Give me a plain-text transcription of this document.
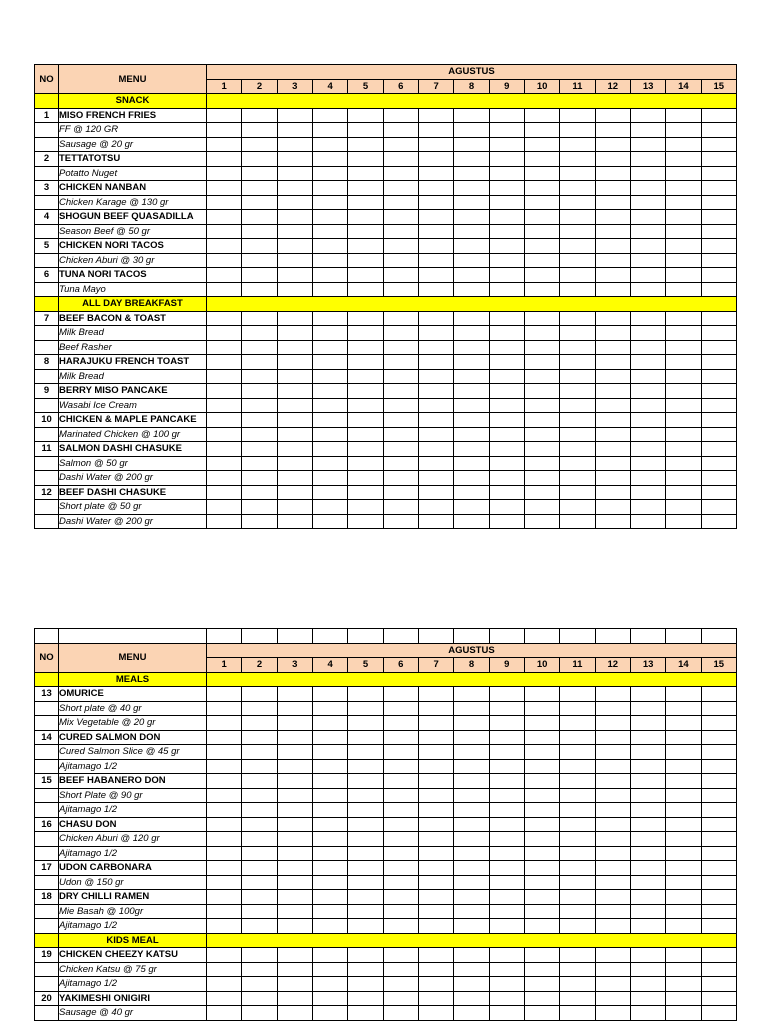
NO	MENU	AGUSTUS														
		1	2	3	4	5	6	7	8	9	10	11	12	13	14	15
	SNACK															
1	MISO FRENCH FRIES															
	FF @ 120 GR															
	Sausage @ 20 gr															
2	TETTATOTSU															
	Potatto Nuget															
3	CHICKEN NANBAN															
	Chicken Karage @ 130 gr															
4	SHOGUN BEEF QUASADILLA															
	Season Beef @ 50 gr															
5	CHICKEN NORI TACOS															
	Chicken Aburi @ 30 gr															
6	TUNA NORI TACOS															
	Tuna Mayo															
	ALL DAY BREAKFAST															
7	BEEF BACON & TOAST															
	Milk Bread															
	Beef Rasher															
8	HARAJUKU FRENCH TOAST															
	Milk Bread															
9	BERRY MISO PANCAKE															
	Wasabi Ice Cream															
10	CHICKEN & MAPLE PANCAKE															
	Marinated Chicken @ 100 gr															
11	SALMON DASHI CHASUKE															
	Salmon @ 50 gr															
	Dashi Water @ 200 gr															
12	BEEF DASHI CHASUKE															
	Short plate @ 50 gr															
	Dashi Water @ 200 gr															

NO	MENU	AGUSTUS														
		1	2	3	4	5	6	7	8	9	10	11	12	13	14	15
	MEALS															
13	OMURICE															
	Short plate @ 40 gr															
	Mix Vegetable @ 20 gr															
14	CURED SALMON DON															
	Cured Salmon Slice @ 45 gr															
	Ajitamago 1/2															
15	BEEF HABANERO DON															
	Short Plate @ 90 gr															
	Ajitamago 1/2															
16	CHASU DON															
	Chicken Aburi @ 120 gr															
	Ajitamago 1/2															
17	UDON CARBONARA															
	Udon @ 150 gr															
18	DRY CHILLI RAMEN															
	Mie Basah @ 100gr															
	Ajitamago 1/2															
	KIDS MEAL															
19	CHICKEN CHEEZY KATSU															
	Chicken Katsu @ 75 gr															
	Ajitamago 1/2															
20	YAKIMESHI ONIGIRI															
	Sausage @ 40 gr															
